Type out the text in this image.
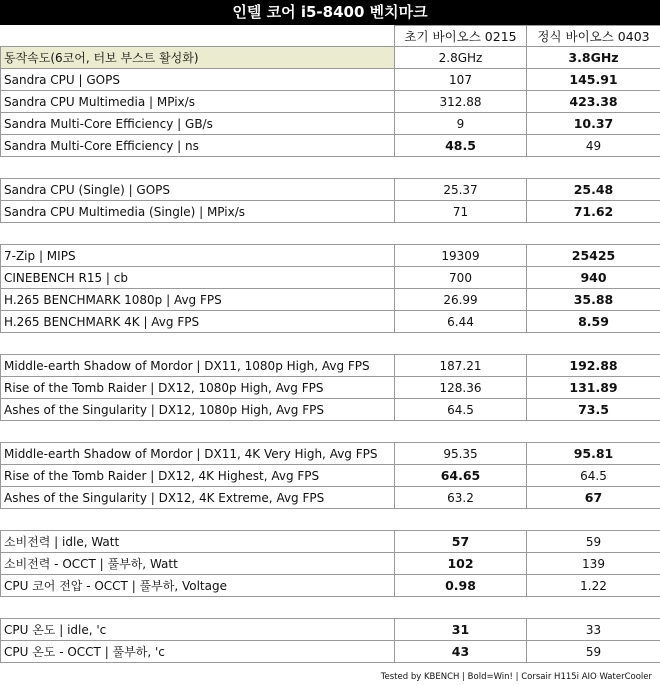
인텔 코어 i5-8400 벤치마크
	초기 바이오스 0215	정식 바이오스 0403
동작속도(6코어, 터보 부스트 활성화)	2.8GHz	3.8GHz
Sandra CPU | GOPS	107	145.91
Sandra CPU Multimedia | MPix/s	312.88	423.38
Sandra Multi-Core Efficiency | GB/s	9	10.37
Sandra Multi-Core Efficiency | ns	48.5	49

Sandra CPU (Single) | GOPS	25.37	25.48
Sandra CPU Multimedia (Single) | MPix/s	71	71.62

7-Zip | MIPS	19309	25425
CINEBENCH R15 | cb	700	940
H.265 BENCHMARK 1080p | Avg FPS	26.99	35.88
H.265 BENCHMARK 4K | Avg FPS	6.44	8.59

Middle-earth Shadow of Mordor | DX11, 1080p High, Avg FPS	187.21	192.88
Rise of the Tomb Raider | DX12, 1080p High, Avg FPS	128.36	131.89
Ashes of the Singularity | DX12, 1080p High, Avg FPS	64.5	73.5

Middle-earth Shadow of Mordor | DX11, 4K Very High, Avg FPS	95.35	95.81
Rise of the Tomb Raider | DX12, 4K Highest, Avg FPS	64.65	64.5
Ashes of the Singularity | DX12, 4K Extreme, Avg FPS	63.2	67

소비전력 | idle, Watt	57	59
소비전력 - OCCT | 풀부하, Watt	102	139
CPU 코어 전압 - OCCT | 풀부하, Voltage	0.98	1.22

CPU 온도 | idle, 'c	31	33
CPU 온도 - OCCT | 풀부하, 'c	43	59
Tested by KBENCH | Bold=Win! | Corsair H115i AIO WaterCooler
